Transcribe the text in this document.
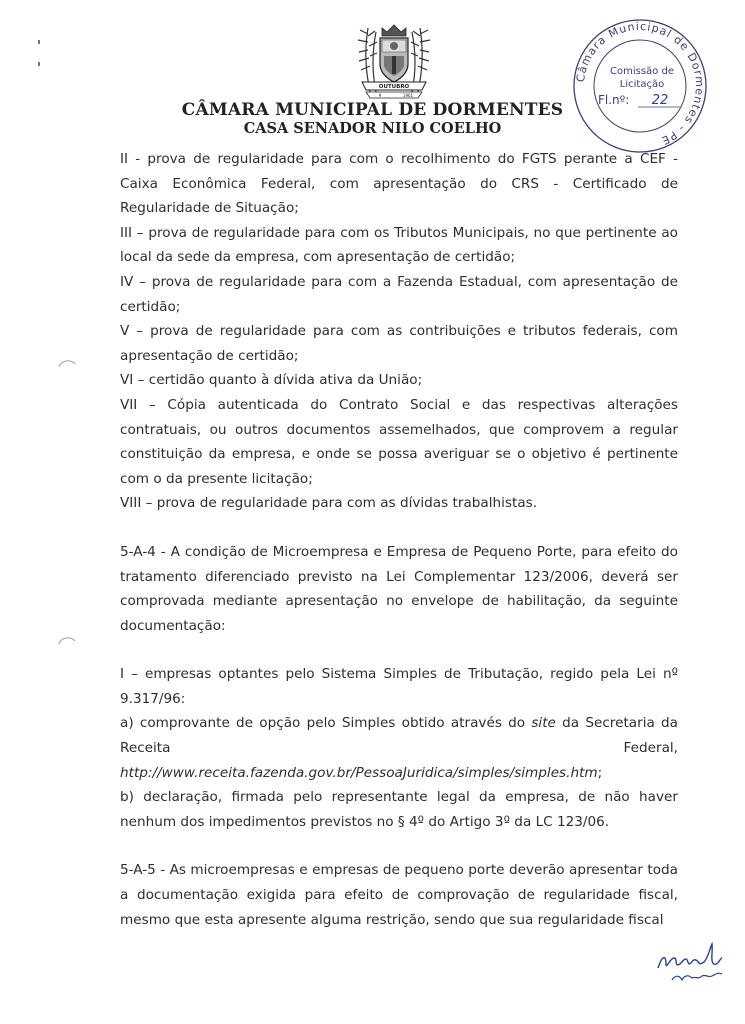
OUTUBRO
9	1961
CÂMARA MUNICIPAL DE DORMENTES
CASA SENADOR NILO COELHO
Câmara Municipal de Dormentes - PE
Comissão de
Licitação
Fl.nº: 22

II - prova de regularidade para com o recolhimento do FGTS perante a CEF - Caixa Econômica Federal, com apresentação do CRS - Certificado de Regularidade de Situação;

III – prova de regularidade para com os Tributos Municipais, no que pertinente ao local da sede da empresa, com apresentação de certidão;

IV – prova de regularidade para com a Fazenda Estadual, com apresentação de certidão;

V – prova de regularidade para com as contribuições e tributos federais, com apresentação de certidão;

VI – certidão quanto à dívida ativa da União;

VII – Cópia autenticada do Contrato Social e das respectivas alterações contratuais, ou outros documentos assemelhados, que comprovem a regular constituição da empresa, e onde se possa averiguar se o objetivo é pertinente com o da presente licitação;

VIII – prova de regularidade para com as dívidas trabalhistas.

5-A-4 - A condição de Microempresa e Empresa de Pequeno Porte, para efeito do tratamento diferenciado previsto na Lei Complementar 123/2006, deverá ser comprovada mediante apresentação no envelope de habilitação, da seguinte documentação:

I – empresas optantes pelo Sistema Simples de Tributação, regido pela Lei nº 9.317/96:

a) comprovante de opção pelo Simples obtido através do site da Secretaria da Receita Federal,

http://www.receita.fazenda.gov.br/PessoaJuridica/simples/simples.htm;

b) declaração, firmada pelo representante legal da empresa, de não haver nenhum dos impedimentos previstos no § 4º do Artigo 3º da LC 123/06.

5-A-5 - As microempresas e empresas de pequeno porte deverão apresentar toda a documentação exigida para efeito de comprovação de regularidade fiscal, mesmo que esta apresente alguma restrição, sendo que sua regularidade fiscal
